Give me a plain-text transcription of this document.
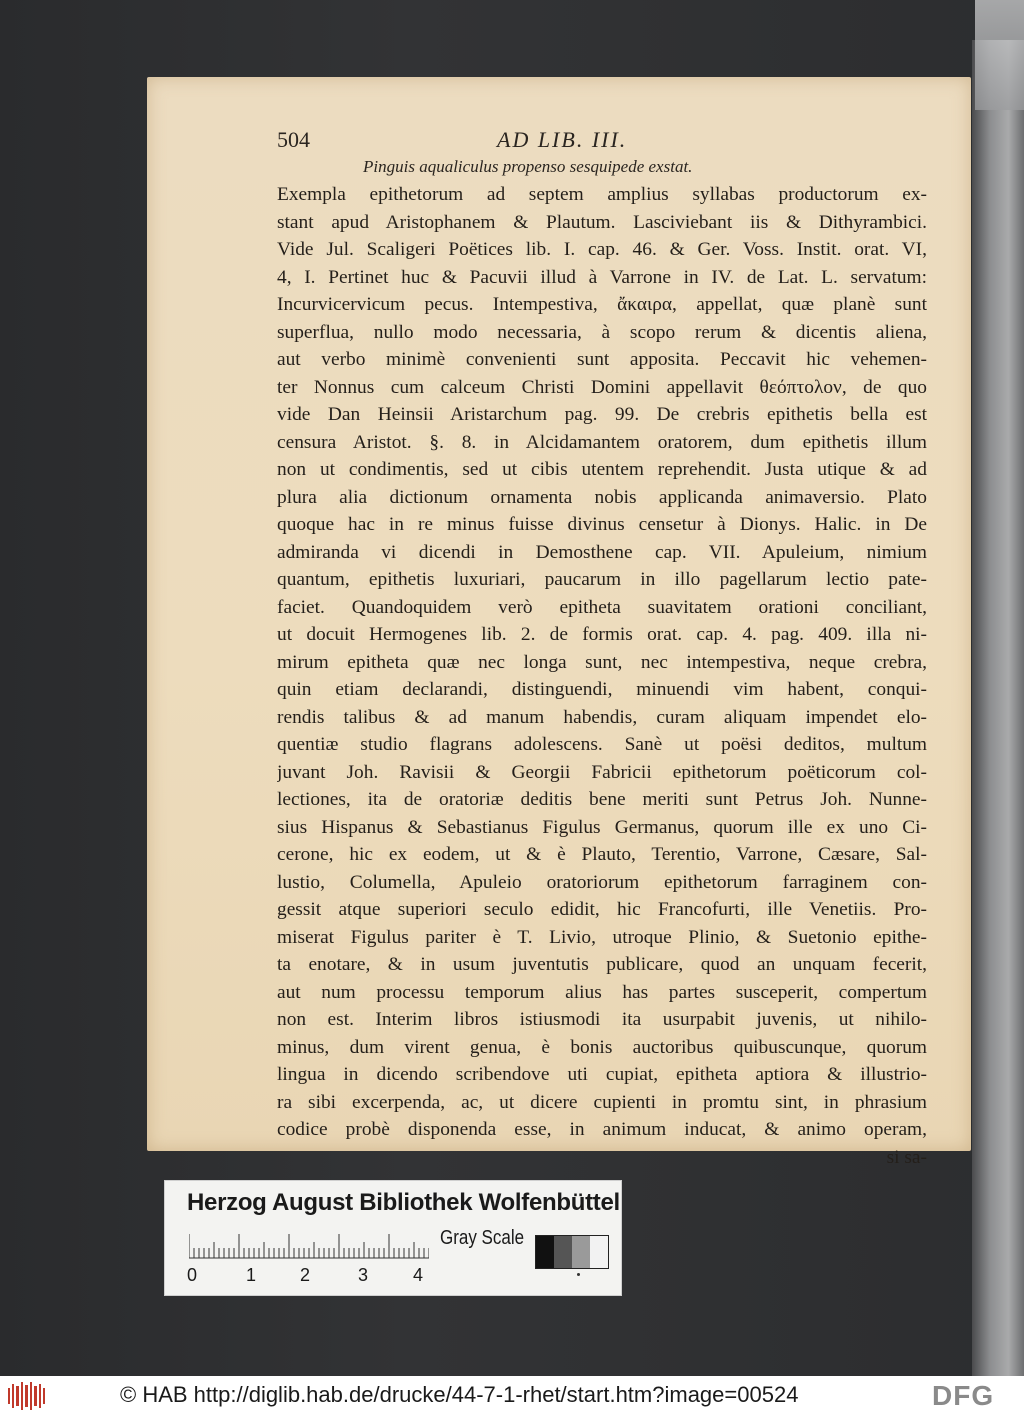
504	AD LIB. III.
Pinguis aqualiculus propenso sesquipede exstat.
Exempla epithetorum ad septem amplius syllabas productorum ex-
stant apud Aristophanem & Plautum. Lasciviebant iis & Dithyrambici.
Vide Jul. Scaligeri Poëtices lib. I. cap. 46. & Ger. Voss. Instit. orat. VI,
4, I. Pertinet huc & Pacuvii illud à Varrone in IV. de Lat. L. servatum:
Incurvicervicum pecus. Intempestiva, ἄκαιρα, appellat, quæ planè sunt
superflua, nullo modo necessaria, à scopo rerum & dicentis aliena,
aut verbo minimè convenienti sunt apposita. Peccavit hic vehemen-
ter Nonnus cum calceum Christi Domini appellavit θεόπτολον, de quo
vide Dan Heinsii Aristarchum pag. 99. De crebris epithetis bella est
censura Aristot. §. 8. in Alcidamantem oratorem, dum epithetis illum
non ut condimentis, sed ut cibis utentem reprehendit. Justa utique & ad
plura alia dictionum ornamenta nobis applicanda animaversio. Plato
quoque hac in re minus fuisse divinus censetur à Dionys. Halic. in De
admiranda vi dicendi in Demosthene cap. VII. Apuleium, nimium
quantum, epithetis luxuriari, paucarum in illo pagellarum lectio pate-
faciet. Quandoquidem verò epitheta suavitatem orationi conciliant,
ut docuit Hermogenes lib. 2. de formis orat. cap. 4. pag. 409. illa ni-
mirum epitheta quæ nec longa sunt, nec intempestiva, neque crebra,
quin etiam declarandi, distinguendi, minuendi vim habent, conqui-
rendis talibus & ad manum habendis, curam aliquam impendet elo-
quentiæ studio flagrans adolescens. Sanè ut poësi deditos, multum
juvant Joh. Ravisii & Georgii Fabricii epithetorum poëticorum col-
lectiones, ita de oratoriæ deditis bene meriti sunt Petrus Joh. Nunne-
sius Hispanus & Sebastianus Figulus Germanus, quorum ille ex uno Ci-
cerone, hic ex eodem, ut & è Plauto, Terentio, Varrone, Cæsare, Sal-
lustio, Columella, Apuleio oratoriorum epithetorum farraginem con-
gessit atque superiori seculo edidit, hic Francofurti, ille Venetiis. Pro-
miserat Figulus pariter è T. Livio, utroque Plinio, & Suetonio epithe-
ta enotare, & in usum juventutis publicare, quod an unquam fecerit,
aut num processu temporum alius has partes susceperit, compertum
non est. Interim libros istiusmodi ita usurpabit juvenis, ut nihilo-
minus, dum virent genua, è bonis auctoribus quibuscunque, quorum
lingua in dicendo scribendove uti cupiat, epitheta aptiora & illustrio-
ra sibi excerpenda, ac, ut dicere cupienti in promtu sint, in phrasium
codice probè disponenda esse, in animum inducat, & animo operam,
si sa-
Herzog August Bibliothek Wolfenbüttel
0	1 2	3 4
Gray Scale
© HAB http://diglib.hab.de/drucke/44-7-1-rhet/start.htm?image=00524	DFG
